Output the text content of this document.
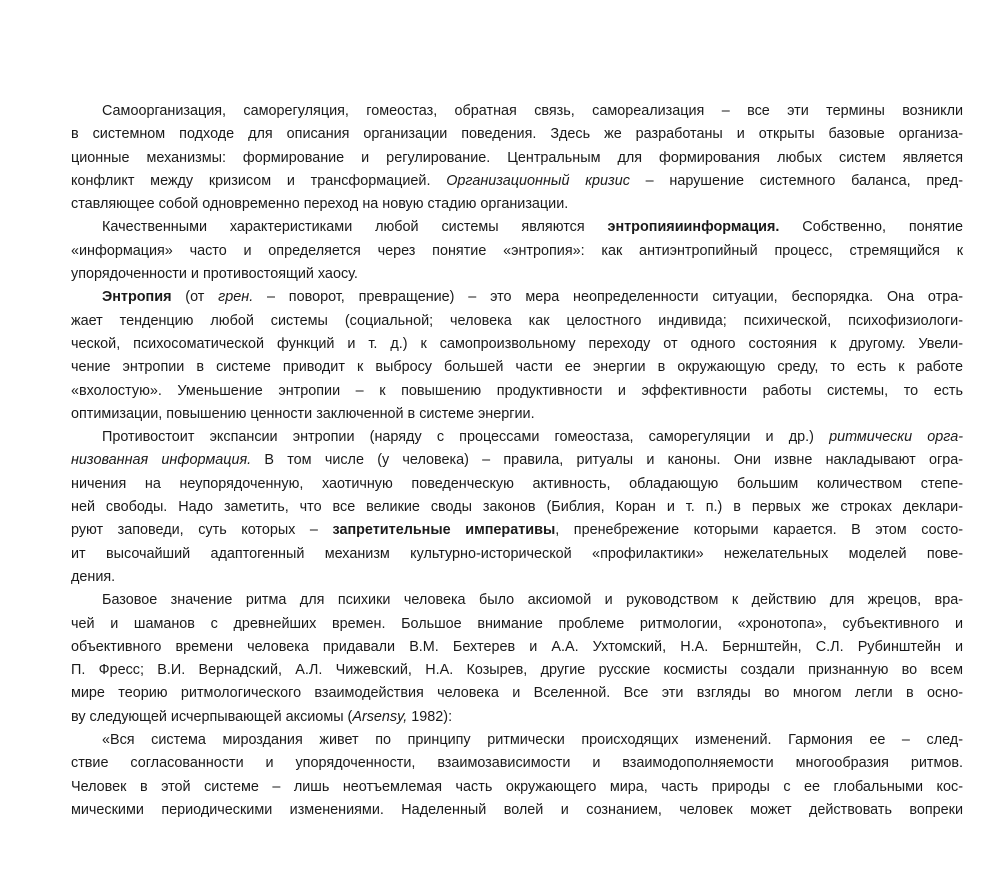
Самоорганизация, саморегуляция, гомеостаз, обратная связь, самореализация – все эти термины возникли
в системном подходе для описания организации поведения. Здесь же разработаны и открыты базовые организа-
ционные механизмы: формирование и регулирование. Центральным для формирования любых систем является
конфликт между кризисом и трансформацией. Организационный кризис – нарушение системного баланса, пред-
ставляющее собой одновременно переход на новую стадию организации.
Качественными характеристиками любой системы являются энтропияиинформация. Собственно, понятие
«информация» часто и определяется через понятие «энтропия»: как антиэнтропийный процесс, стремящийся к
упорядоченности и противостоящий хаосу.
Энтропия (от грен. – поворот, превращение) – это мера неопределенности ситуации, беспорядка. Она отра-
жает тенденцию любой системы (социальной; человека как целостного индивида; психической, психофизиологи-
ческой, психосоматической функций и т. д.) к самопроизвольному переходу от одного состояния к другому. Увели-
чение энтропии в системе приводит к выбросу большей части ее энергии в окружающую среду, то есть к работе
«вхолостую». Уменьшение энтропии – к повышению продуктивности и эффективности работы системы, то есть
оптимизации, повышению ценности заключенной в системе энергии.
Противостоит экспансии энтропии (наряду с процессами гомеостаза, саморегуляции и др.) ритмически орга-
низованная информация. В том числе (у человека) – правила, ритуалы и каноны. Они извне накладывают огра-
ничения на неупорядоченную, хаотичную поведенческую активность, обладающую большим количеством степе-
ней свободы. Надо заметить, что все великие своды законов (Библия, Коран и т. п.) в первых же строках деклари-
руют заповеди, суть которых – запретительные императивы, пренебрежение которыми карается. В этом состо-
ит высочайший адаптогенный механизм культурно-исторической «профилактики» нежелательных моделей пове-
дения.
Базовое значение ритма для психики человека было аксиомой и руководством к действию для жрецов, вра-
чей и шаманов с древнейших времен. Большое внимание проблеме ритмологии, «хронотопа», субъективного и
объективного времени человека придавали В.М. Бехтерев и А.А. Ухтомский, Н.А. Бернштейн, С.Л. Рубинштейн и
П. Фресс; В.И. Вернадский, А.Л. Чижевский, Н.А. Козырев, другие русские космисты создали признанную во всем
мире теорию ритмологического взаимодействия человека и Вселенной. Все эти взгляды во многом легли в осно-
ву следующей исчерпывающей аксиомы (Arsensy, 1982):
«Вся система мироздания живет по принципу ритмически происходящих изменений. Гармония ее – след-
ствие согласованности и упорядоченности, взаимозависимости и взаимодополняемости многообразия ритмов.
Человек в этой системе – лишь неотъемлемая часть окружающего мира, часть природы с ее глобальными кос-
мическими периодическими изменениями. Наделенный волей и сознанием, человек может действовать вопреки
